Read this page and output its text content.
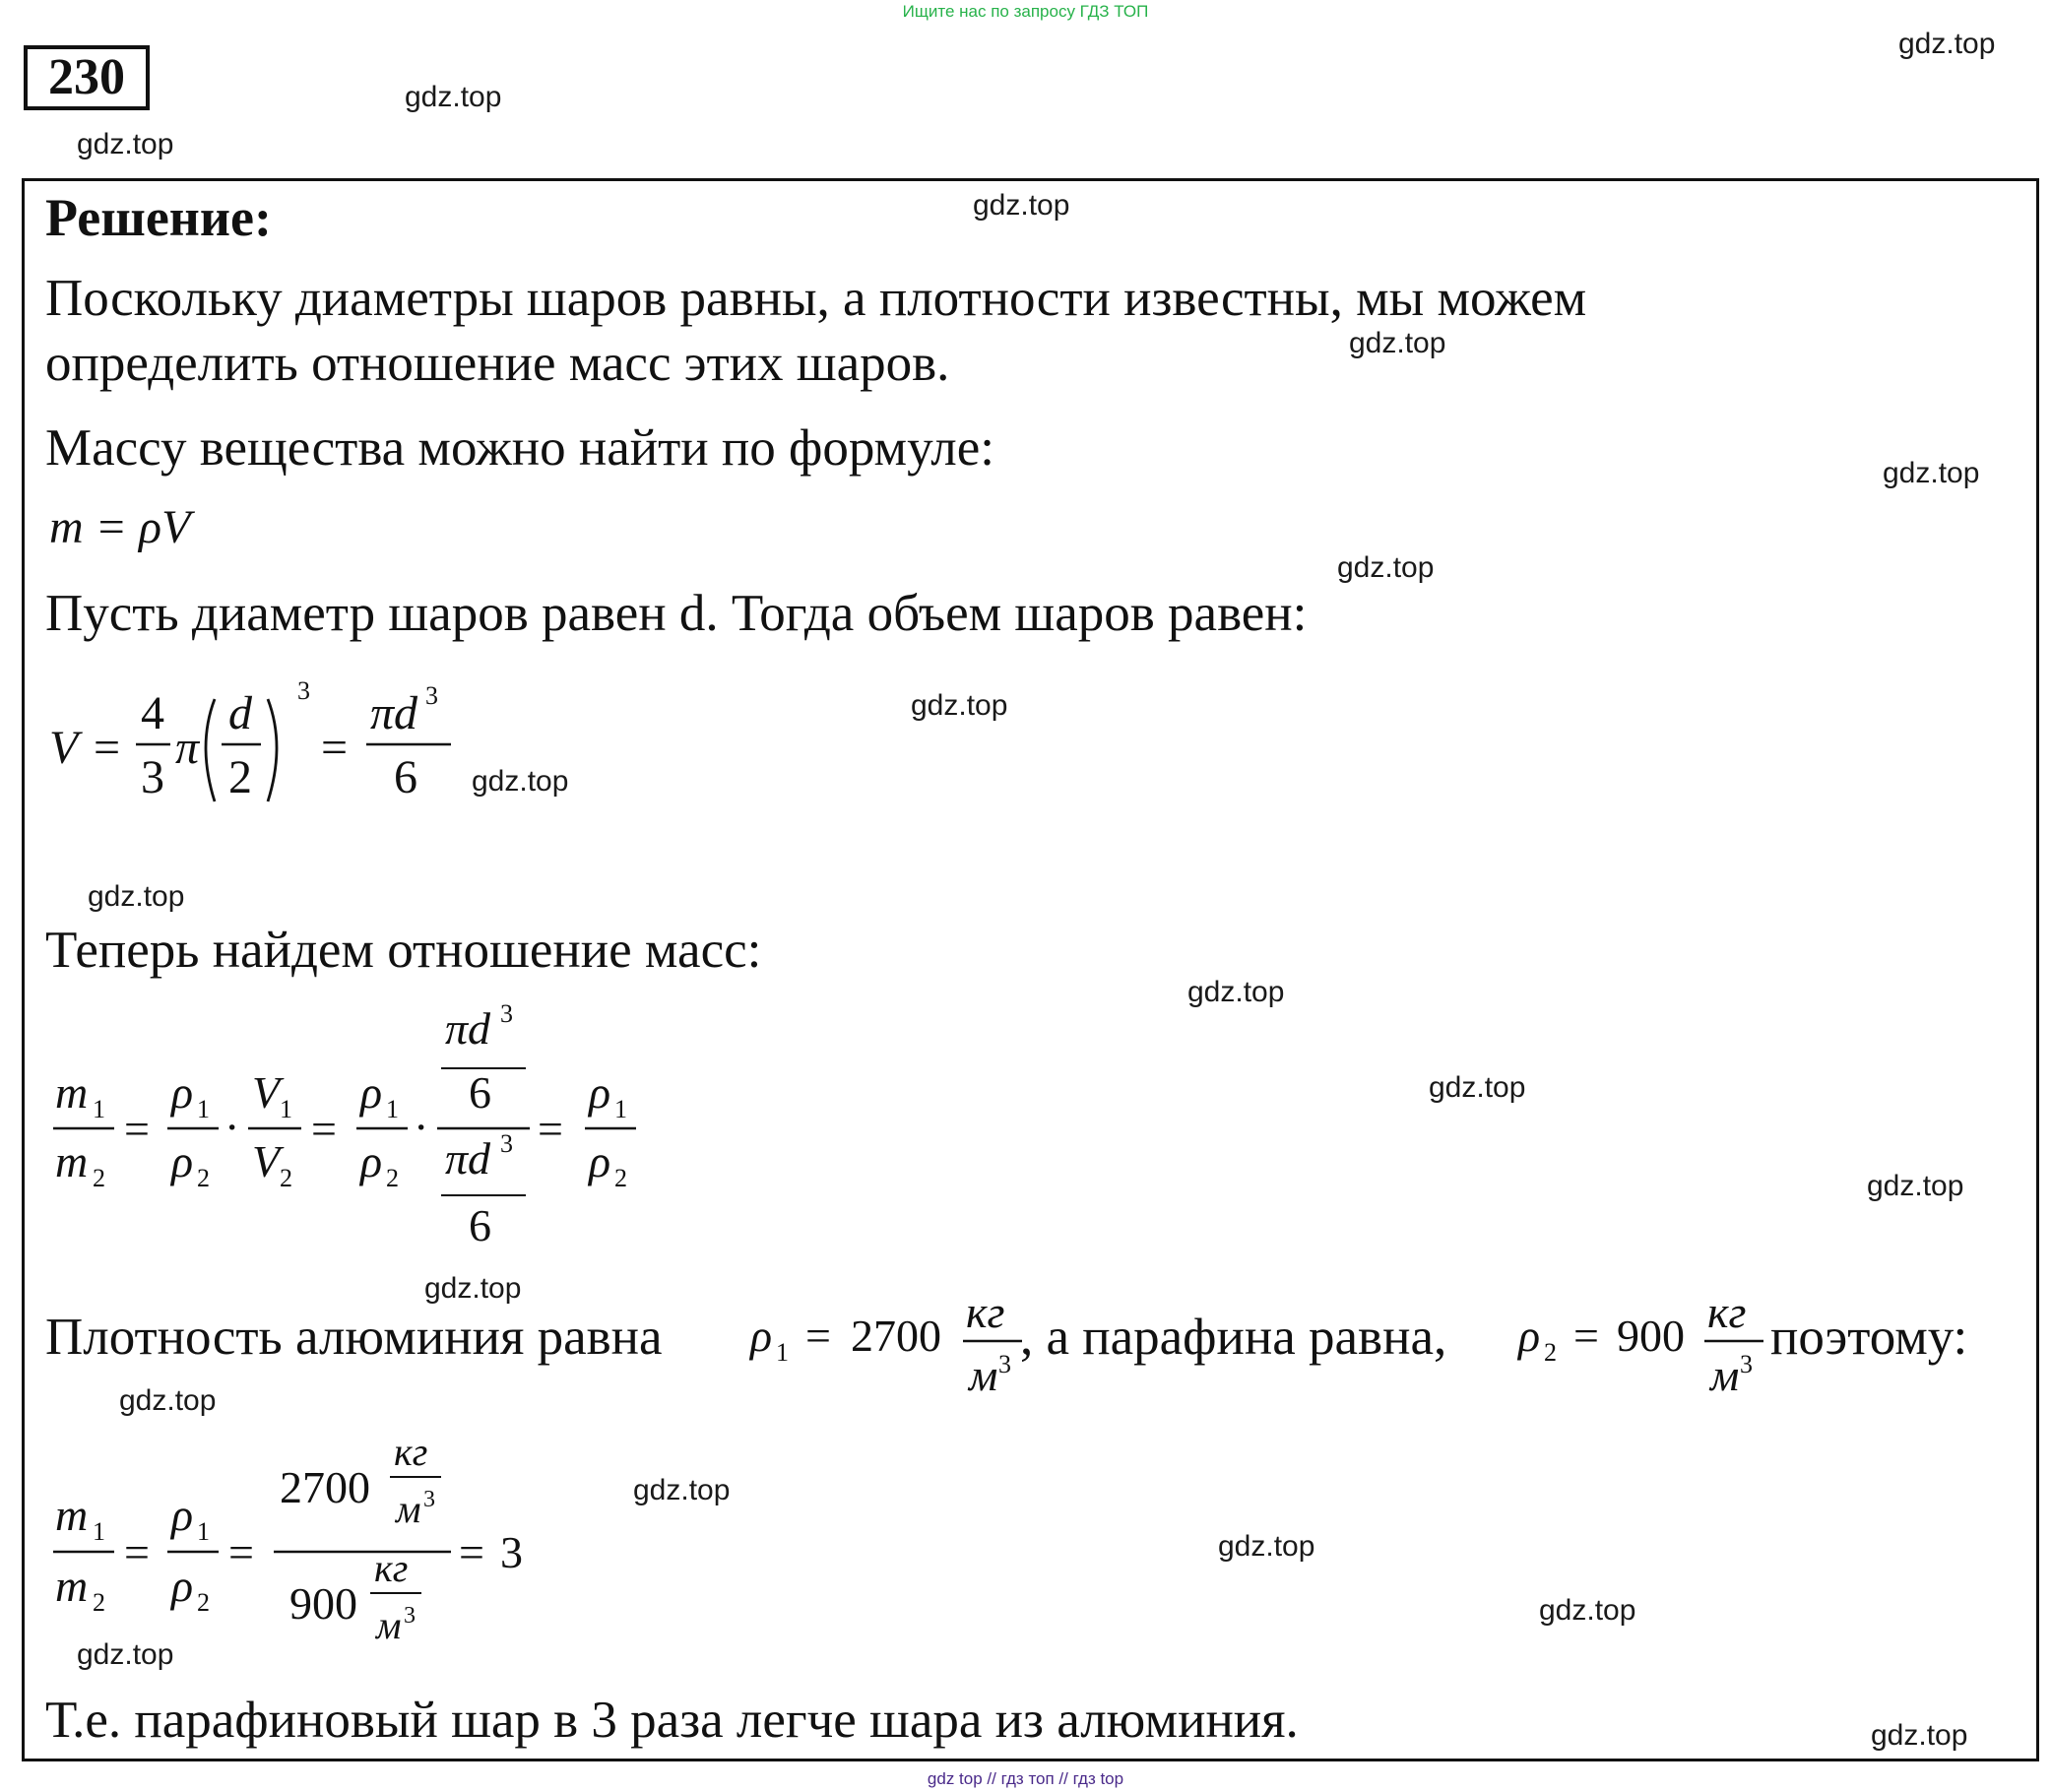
Ищите нас по запросу ГДЗ ТОП
230
gdz.top
gdz.top
gdz.top
gdz.top
gdz.top
gdz.top
gdz.top
gdz.top
gdz.top
gdz.top
gdz.top
gdz.top
gdz.top
gdz.top
gdz.top
gdz.top
gdz.top
gdz.top
gdz.top
gdz.top
Решение:
Поскольку диаметры шаров равны, а плотности известны, мы можем
определить отношение масс этих шаров.
Массу вещества можно найти по формуле:
m = ρV
Пусть диаметр шаров равен d. Тогда объем шаров равен:
V =
4
3
π
d
2
3
=
πd 3
6
Теперь найдем отношение масс:
m 1
m 2
=
ρ 1
ρ 2
·
V 1
V 2
=
ρ 1
ρ 2
·
πd 3
6
πd 3
6
=
ρ 1
ρ 2
Плотность алюминия равна ρ 1 = 2700 кг
м 3 , а парафина равна, ρ 2 = 900 кг
м 3 поэтому:
m 1
m 2
=
ρ 1
ρ 2
=
2700
кг
м 3
900
кг
м 3
= 3
Т.е. парафиновый шар в 3 раза легче шара из алюминия.
gdz top // гдз топ // гдз top
